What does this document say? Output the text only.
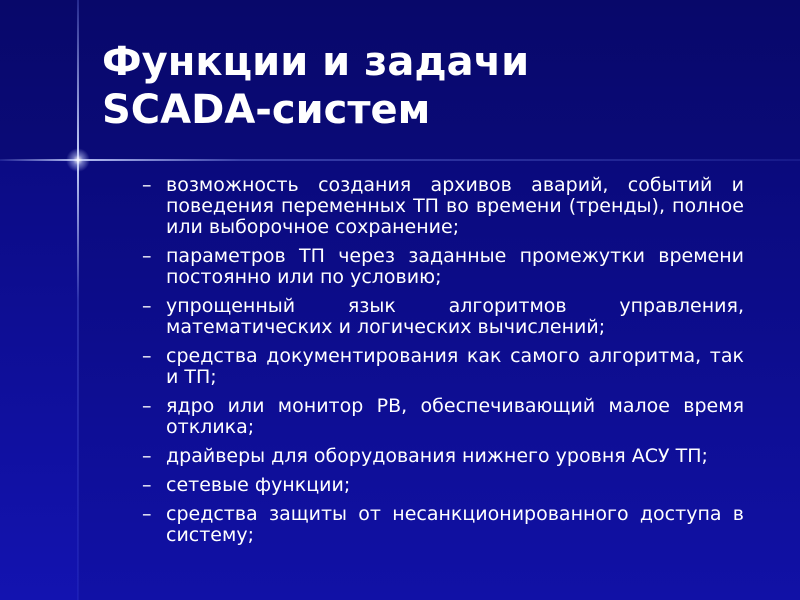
Функции и задачи
SCADA-систем
– возможность создания архивов аварий, событий и поведения переменных ТП во времени (тренды), полное или выборочное сохранение;
– параметров ТП через заданные промежутки времени постоянно или по условию;
– упрощенный язык алгоритмов управления, математических и логических вычислений;
– средства документирования как самого алгоритма, так и ТП;
– ядро или монитор РВ, обеспечивающий малое время отклика;
– драйверы для оборудования нижнего уровня АСУ ТП;
– сетевые функции;
– средства защиты от несанкционированного доступа в систему;
